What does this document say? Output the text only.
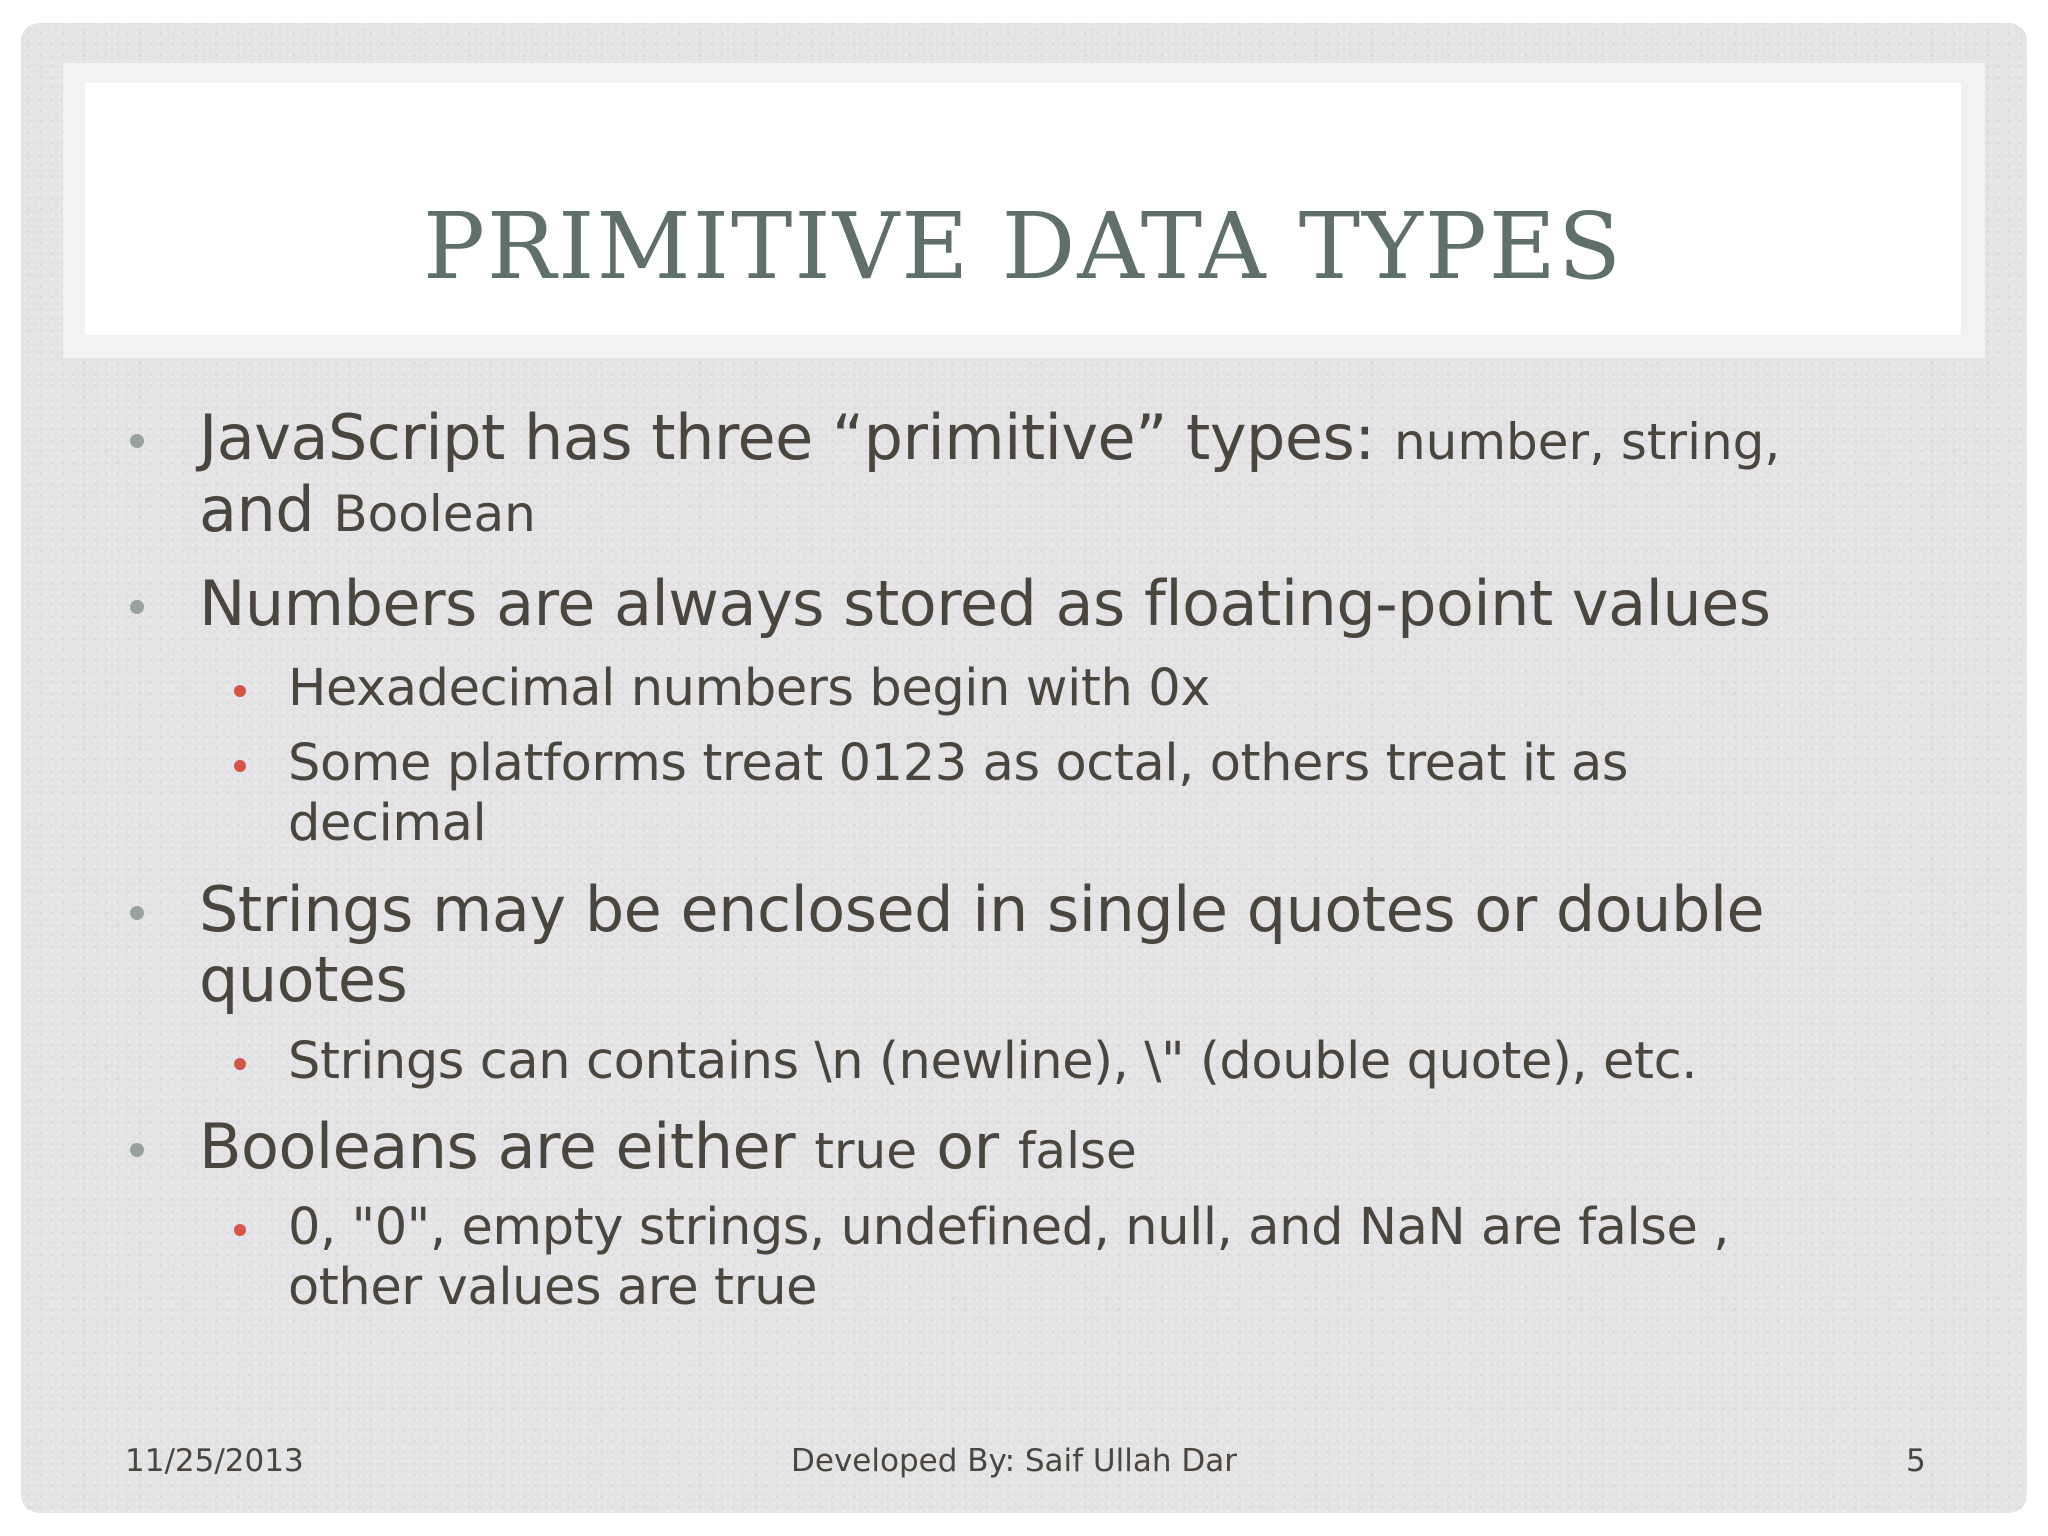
PRIMITIVE DATA TYPES
JavaScript has three “primitive” types: number, string,
and Boolean
Numbers are always stored as floating-point values
Hexadecimal numbers begin with 0x
Some platforms treat 0123 as octal, others treat it as
decimal
Strings may be enclosed in single quotes or double
quotes
Strings can contains \n (newline), \" (double quote), etc.
Booleans are either true or false
0, "0", empty strings, undefined, null, and NaN are false ,
other values are true
11/25/2013	Developed By: Saif Ullah Dar	5
